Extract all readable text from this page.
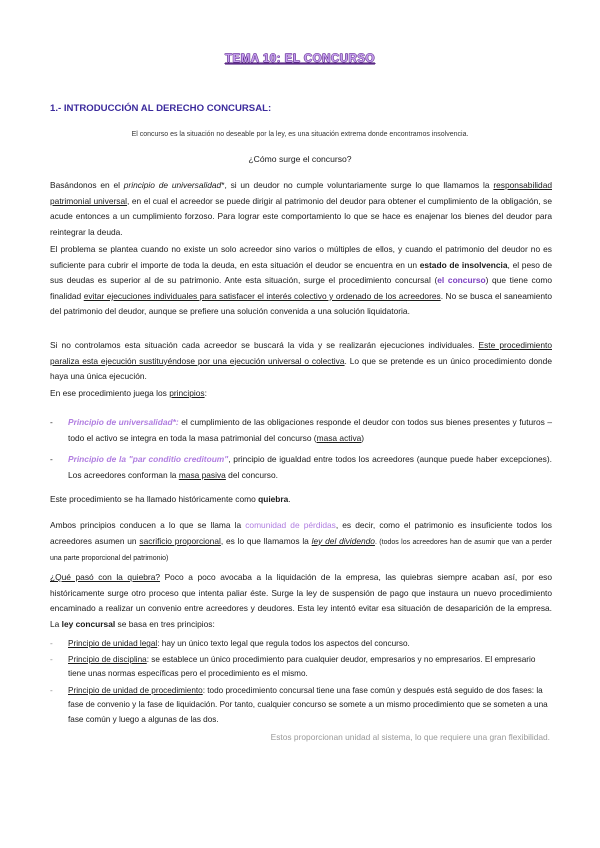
TEMA 10: EL CONCURSO
1.- INTRODUCCIÓN AL DERECHO CONCURSAL:
El concurso es la situación no deseable por la ley, es una situación extrema donde encontramos insolvencia.
¿Cómo surge el concurso?
Basándonos en el principio de universalidad*, si un deudor no cumple voluntariamente surge lo que llamamos la responsabilidad patrimonial universal, en el cual el acreedor se puede dirigir al patrimonio del deudor para obtener el cumplimiento de la obligación, se acude entonces a un cumplimiento forzoso. Para lograr este comportamiento lo que se hace es enajenar los bienes del deudor para reintegrar la deuda.
El problema se plantea cuando no existe un solo acreedor sino varios o múltiples de ellos, y cuando el patrimonio del deudor no es suficiente para cubrir el importe de toda la deuda, en esta situación el deudor se encuentra en un estado de insolvencia, el peso de sus deudas es superior al de su patrimonio. Ante esta situación, surge el procedimiento concursal (el concurso) que tiene como finalidad evitar ejecuciones individuales para satisfacer el interés colectivo y ordenado de los acreedores. No se busca el saneamiento del patrimonio del deudor, aunque se prefiere una solución convenida a una solución liquidatoria.
Si no controlamos esta situación cada acreedor se buscará la vida y se realizarán ejecuciones individuales. Este procedimiento paraliza esta ejecución sustituyéndose por una ejecución universal o colectiva. Lo que se pretende es un único procedimiento donde haya una única ejecución.
En ese procedimiento juega los principios:
- Principio de universalidad*: el cumplimiento de las obligaciones responde el deudor con todos sus bienes presentes y futuros – todo el activo se integra en toda la masa patrimonial del concurso (masa activa)
- Principio de la "par conditio creditoum", principio de igualdad entre todos los acreedores (aunque puede haber excepciones). Los acreedores conforman la masa pasiva del concurso.
Este procedimiento se ha llamado históricamente como quiebra.
Ambos principios conducen a lo que se llama la comunidad de pérdidas, es decir, como el patrimonio es insuficiente todos los acreedores asumen un sacrificio proporcional, es lo que llamamos la ley del dividendo. (todos los acreedores han de asumir que van a perder una parte proporcional del patrimonio)
¿Qué pasó con la quiebra? Poco a poco avocaba a la liquidación de la empresa, las quiebras siempre acaban así, por eso históricamente surge otro proceso que intenta paliar éste. Surge la ley de suspensión de pago que instaura un nuevo procedimiento encaminado a realizar un convenio entre acreedores y deudores. Esta ley intentó evitar esa situación de desaparición de la empresa. La ley concursal se basa en tres principios:
- Principio de unidad legal: hay un único texto legal que regula todos los aspectos del concurso.
- Principio de disciplina: se establece un único procedimiento para cualquier deudor, empresarios y no empresarios. El empresario tiene unas normas específicas pero el procedimiento es el mismo.
- Principio de unidad de procedimiento: todo procedimiento concursal tiene una fase común y después está seguido de dos fases: la fase de convenio y la fase de liquidación. Por tanto, cualquier concurso se somete a un mismo procedimiento que se someten a una fase común y luego a algunas de las dos.
Estos proporcionan unidad al sistema, lo que requiere una gran flexibilidad.
